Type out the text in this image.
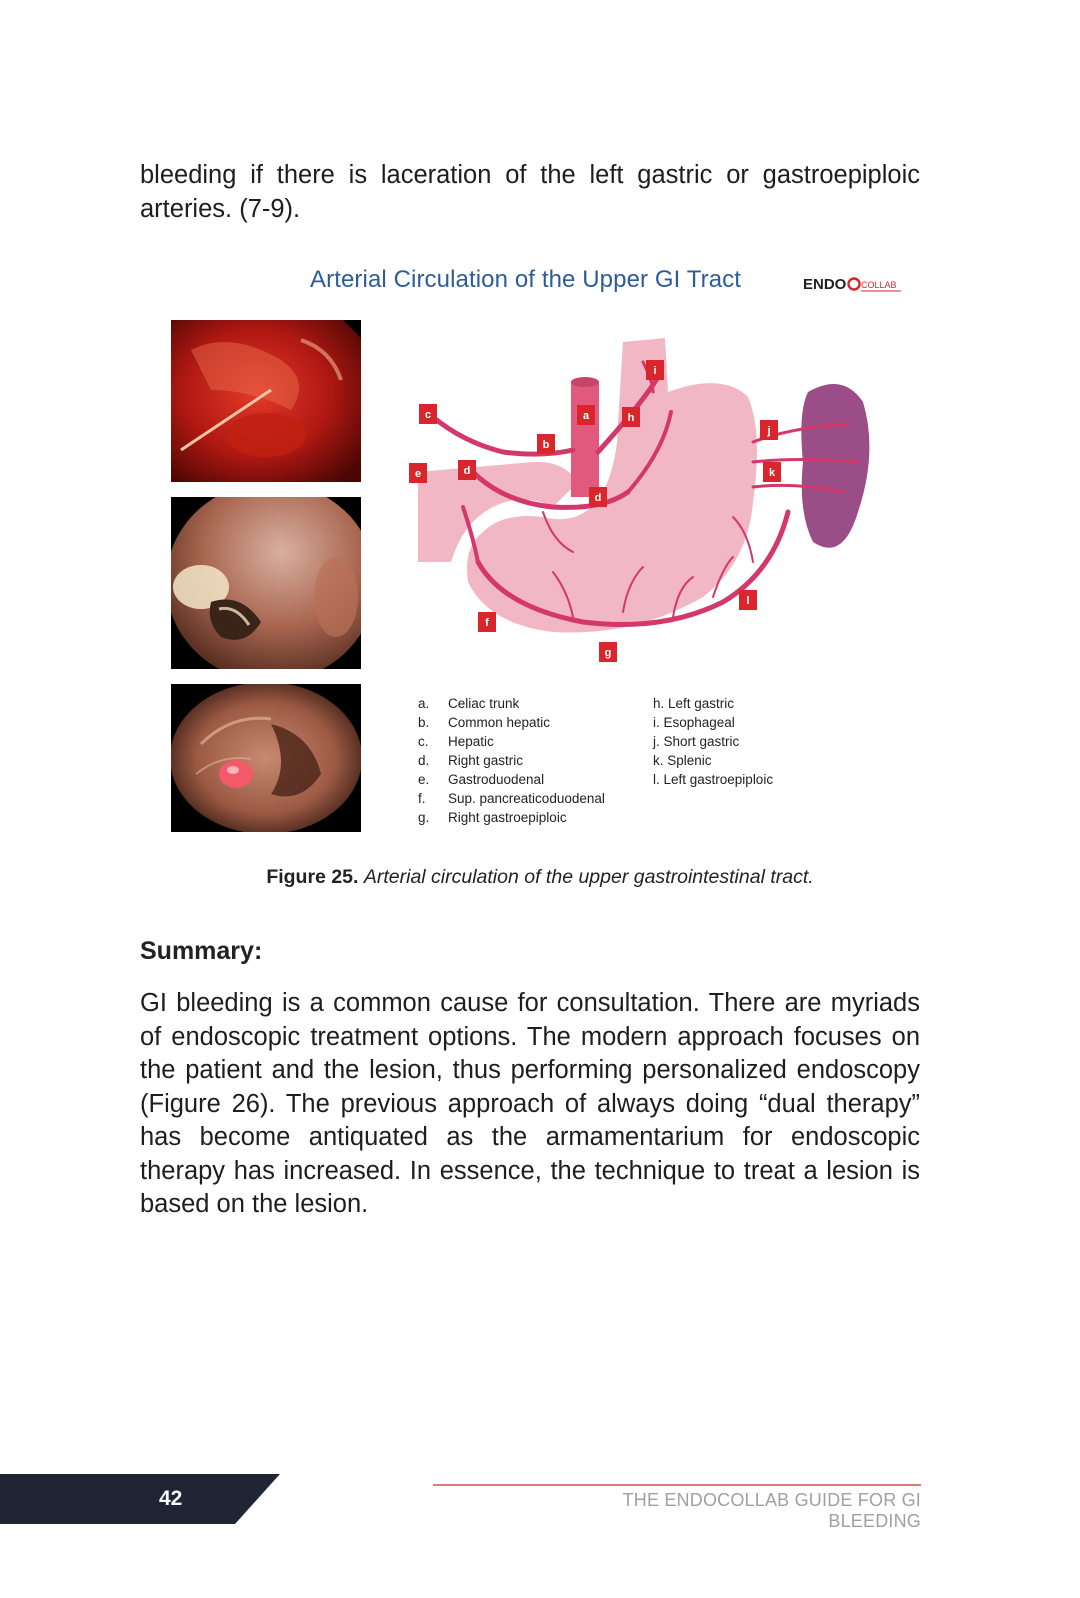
bleeding if there is laceration of the left gastric or gastroepiploic arteries. (7-9).

Arterial Circulation of the Upper GI Tract	ENDO COLLAB
a
b
c
d
d
e
f
g
h
i
j
k
l
a.	Celiac trunk
b.	Common hepatic
c.	Hepatic
d.	Right gastric
e.	Gastroduodenal
f.	Sup. pancreaticoduodenal
g.	Right gastroepiploic
h. Left gastric
i. Esophageal
j. Short gastric
k. Splenic
l. Left gastroepiploic
Figure 25. Arterial circulation of the upper gastrointestinal tract.
Summary:

GI bleeding is a common cause for consultation. There are myriads of endoscopic treatment options. The modern approach focuses on the patient and the lesion, thus performing personalized endoscopy (Figure 26). The previous approach of always doing “dual therapy” has become antiquated as the armamentarium for endoscopic therapy has increased. In essence, the technique to treat a lesion is based on the lesion.

42	THE ENDOCOLLAB GUIDE FOR GI BLEEDING
